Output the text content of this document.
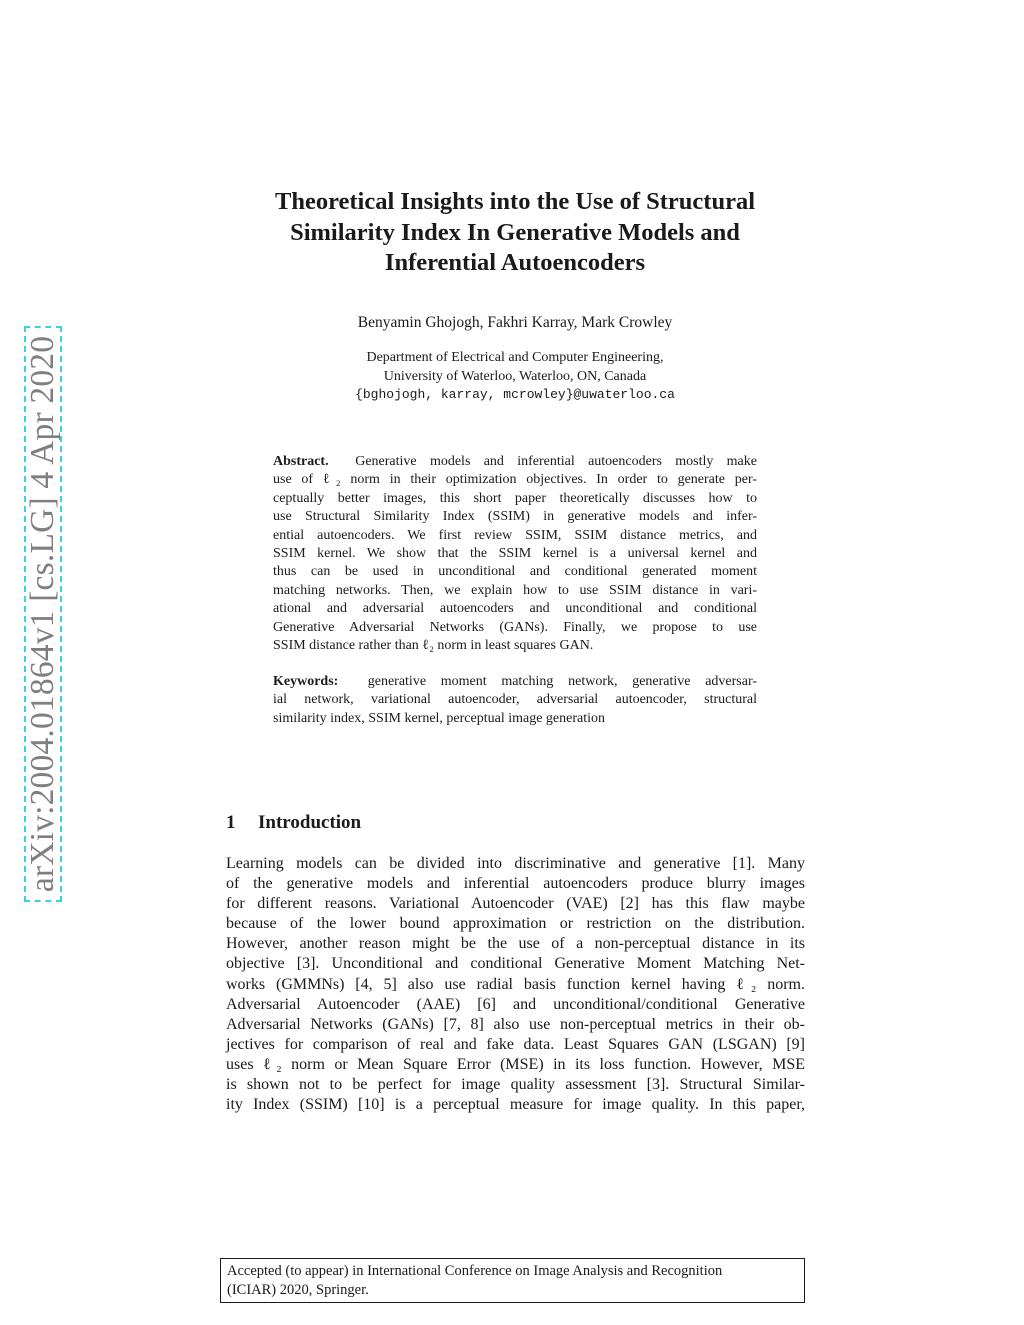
arXiv:2004.01864v1 [cs.LG] 4 Apr 2020
Theoretical Insights into the Use of Structural
Similarity Index In Generative Models and
Inferential Autoencoders
Benyamin Ghojogh, Fakhri Karray, Mark Crowley
Department of Electrical and Computer Engineering,
University of Waterloo, Waterloo, ON, Canada
{bghojogh, karray, mcrowley}@uwaterloo.ca
Abstract. Generative models and inferential autoencoders mostly make
use of ℓ₂ norm in their optimization objectives. In order to generate per-
ceptually better images, this short paper theoretically discusses how to
use Structural Similarity Index (SSIM) in generative models and infer-
ential autoencoders. We first review SSIM, SSIM distance metrics, and
SSIM kernel. We show that the SSIM kernel is a universal kernel and
thus can be used in unconditional and conditional generated moment
matching networks. Then, we explain how to use SSIM distance in vari-
ational and adversarial autoencoders and unconditional and conditional
Generative Adversarial Networks (GANs). Finally, we propose to use
SSIM distance rather than ℓ₂ norm in least squares GAN.
Keywords: generative moment matching network, generative adversar-
ial network, variational autoencoder, adversarial autoencoder, structural
similarity index, SSIM kernel, perceptual image generation
1 Introduction
Learning models can be divided into discriminative and generative [1]. Many
of the generative models and inferential autoencoders produce blurry images
for different reasons. Variational Autoencoder (VAE) [2] has this flaw maybe
because of the lower bound approximation or restriction on the distribution.
However, another reason might be the use of a non-perceptual distance in its
objective [3]. Unconditional and conditional Generative Moment Matching Net-
works (GMMNs) [4, 5] also use radial basis function kernel having ℓ₂ norm.
Adversarial Autoencoder (AAE) [6] and unconditional/conditional Generative
Adversarial Networks (GANs) [7, 8] also use non-perceptual metrics in their ob-
jectives for comparison of real and fake data. Least Squares GAN (LSGAN) [9]
uses ℓ₂ norm or Mean Square Error (MSE) in its loss function. However, MSE
is shown not to be perfect for image quality assessment [3]. Structural Similar-
ity Index (SSIM) [10] is a perceptual measure for image quality. In this paper,
Accepted (to appear) in International Conference on Image Analysis and Recognition
(ICIAR) 2020, Springer.
